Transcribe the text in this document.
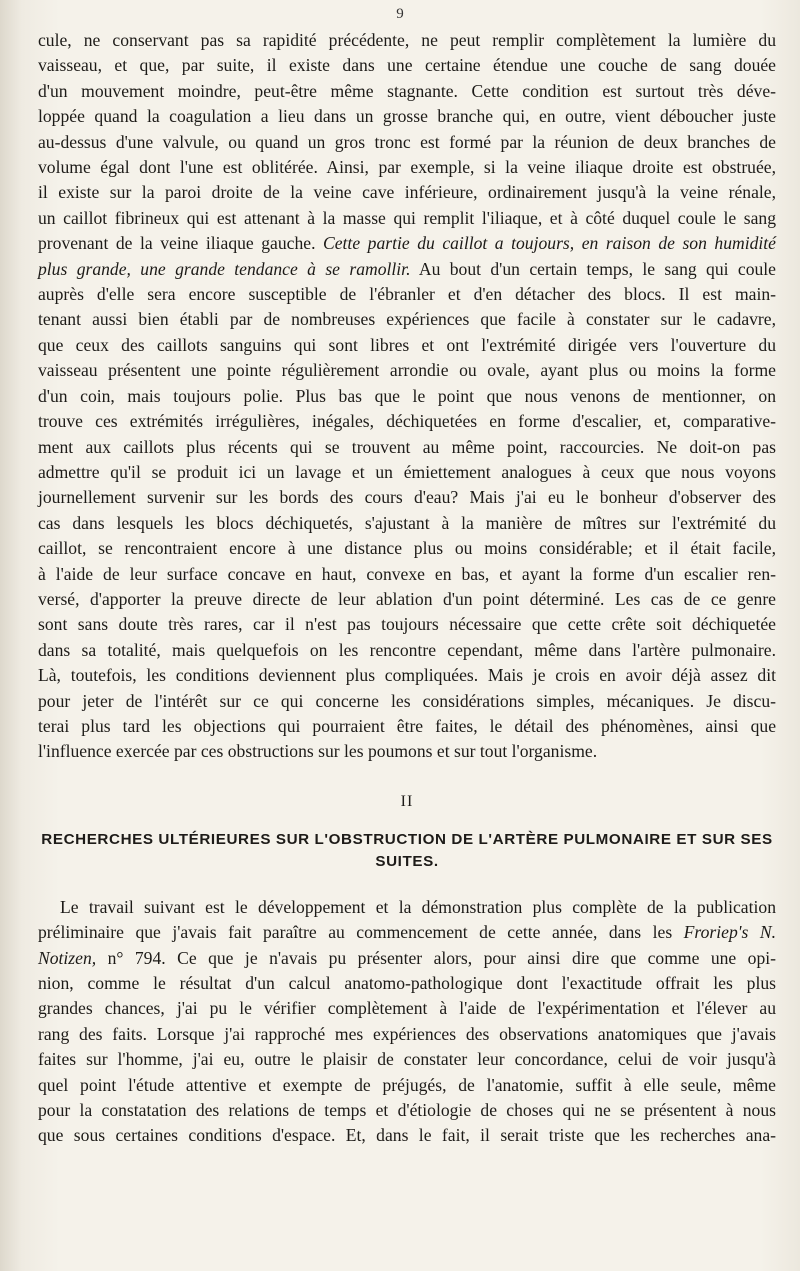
9

cule, ne conservant pas sa rapidité précédente, ne peut remplir complètement la lumière du
vaisseau, et que, par suite, il existe dans une certaine étendue une couche de sang douée
d'un mouvement moindre, peut-être même stagnante. Cette condition est surtout très déve-
loppée quand la coagulation a lieu dans un grosse branche qui, en outre, vient déboucher juste
au-dessus d'une valvule, ou quand un gros tronc est formé par la réunion de deux branches de
volume égal dont l'une est oblitérée. Ainsi, par exemple, si la veine iliaque droite est obstruée,
il existe sur la paroi droite de la veine cave inférieure, ordinairement jusqu'à la veine rénale,
un caillot fibrineux qui est attenant à la masse qui remplit l'iliaque, et à côté duquel coule le sang
provenant de la veine iliaque gauche. Cette partie du caillot a toujours, en raison de son humidité
plus grande, une grande tendance à se ramollir. Au bout d'un certain temps, le sang qui coule
auprès d'elle sera encore susceptible de l'ébranler et d'en détacher des blocs. Il est main-
tenant aussi bien établi par de nombreuses expériences que facile à constater sur le cadavre,
que ceux des caillots sanguins qui sont libres et ont l'extrémité dirigée vers l'ouverture du
vaisseau présentent une pointe régulièrement arrondie ou ovale, ayant plus ou moins la forme
d'un coin, mais toujours polie. Plus bas que le point que nous venons de mentionner, on
trouve ces extrémités irrégulières, inégales, déchiquetées en forme d'escalier, et, comparative-
ment aux caillots plus récents qui se trouvent au même point, raccourcies. Ne doit-on pas
admettre qu'il se produit ici un lavage et un émiettement analogues à ceux que nous voyons
journellement survenir sur les bords des cours d'eau? Mais j'ai eu le bonheur d'observer des
cas dans lesquels les blocs déchiquetés, s'ajustant à la manière de mîtres sur l'extrémité du
caillot, se rencontraient encore à une distance plus ou moins considérable; et il était facile,
à l'aide de leur surface concave en haut, convexe en bas, et ayant la forme d'un escalier ren-
versé, d'apporter la preuve directe de leur ablation d'un point déterminé. Les cas de ce genre
sont sans doute très rares, car il n'est pas toujours nécessaire que cette crête soit déchiquetée
dans sa totalité, mais quelquefois on les rencontre cependant, même dans l'artère pulmonaire.
Là, toutefois, les conditions deviennent plus compliquées. Mais je crois en avoir déjà assez dit
pour jeter de l'intérêt sur ce qui concerne les considérations simples, mécaniques. Je discu-
terai plus tard les objections qui pourraient être faites, le détail des phénomènes, ainsi que
l'influence exercée par ces obstructions sur les poumons et sur tout l'organisme.

II
RECHERCHES ULTÉRIEURES SUR L'OBSTRUCTION DE L'ARTÈRE PULMONAIRE ET SUR SES
SUITES.

Le travail suivant est le développement et la démonstration plus complète de la publication
préliminaire que j'avais fait paraître au commencement de cette année, dans les Froriep's N.
Notizen, n° 794. Ce que je n'avais pu présenter alors, pour ainsi dire que comme une opi-
nion, comme le résultat d'un calcul anatomo-pathologique dont l'exactitude offrait les plus
grandes chances, j'ai pu le vérifier complètement à l'aide de l'expérimentation et l'élever au
rang des faits. Lorsque j'ai rapproché mes expériences des observations anatomiques que j'avais
faites sur l'homme, j'ai eu, outre le plaisir de constater leur concordance, celui de voir jusqu'à
quel point l'étude attentive et exempte de préjugés, de l'anatomie, suffit à elle seule, même
pour la constatation des relations de temps et d'étiologie de choses qui ne se présentent à nous
que sous certaines conditions d'espace. Et, dans le fait, il serait triste que les recherches ana-
